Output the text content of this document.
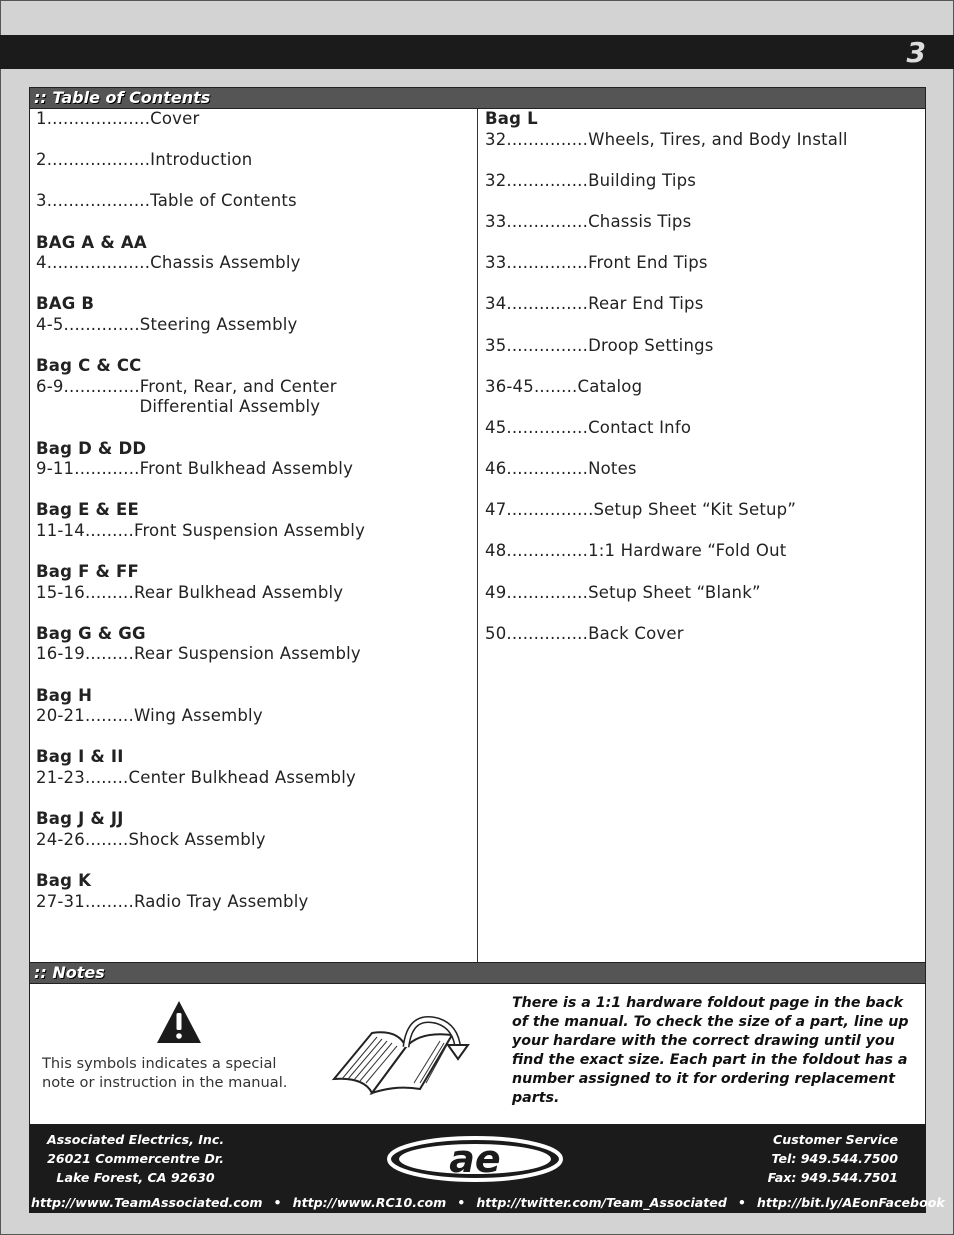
3
:: Table of Contents
1...................Cover
2...................Introduction
3...................Table of Contents
BAG A & AA
4...................Chassis Assembly
BAG B
4-5..............Steering Assembly
Bag C & CC
6-9..............Front, Rear, and Center
Differential Assembly
Bag D & DD
9-11............Front Bulkhead Assembly
Bag E & EE
11-14.........Front Suspension Assembly
Bag F & FF
15-16.........Rear Bulkhead Assembly
Bag G & GG
16-19.........Rear Suspension Assembly
Bag H
20-21.........Wing Assembly
Bag I & II
21-23........Center Bulkhead Assembly
Bag J & JJ
24-26........Shock Assembly
Bag K
27-31.........Radio Tray Assembly
Bag L
32...............Wheels, Tires, and Body Install
32...............Building Tips
33...............Chassis Tips
33...............Front End Tips
34...............Rear End Tips
35...............Droop Settings
36-45........Catalog
45...............Contact Info
46...............Notes
47................Setup Sheet “Kit Setup”
48...............1:1 Hardware “Fold Out
49...............Setup Sheet “Blank”
50...............Back Cover
:: Notes
This symbols indicates a special note or instruction in the manual.
There is a 1:1 hardware foldout page in the back of the manual. To check the size of a part, line up your hardare with the correct drawing until you find the exact size. Each part in the foldout has a number assigned to it for ordering replacement parts.
Associated Electrics, Inc.
26021 Commercentre Dr.
Lake Forest, CA 92630	ae	Customer Service
Tel: 949.544.7500
Fax: 949.544.7501
http://www.TeamAssociated.com • http://www.RC10.com • http://twitter.com/Team_Associated • http://bit.ly/AEonFacebook
